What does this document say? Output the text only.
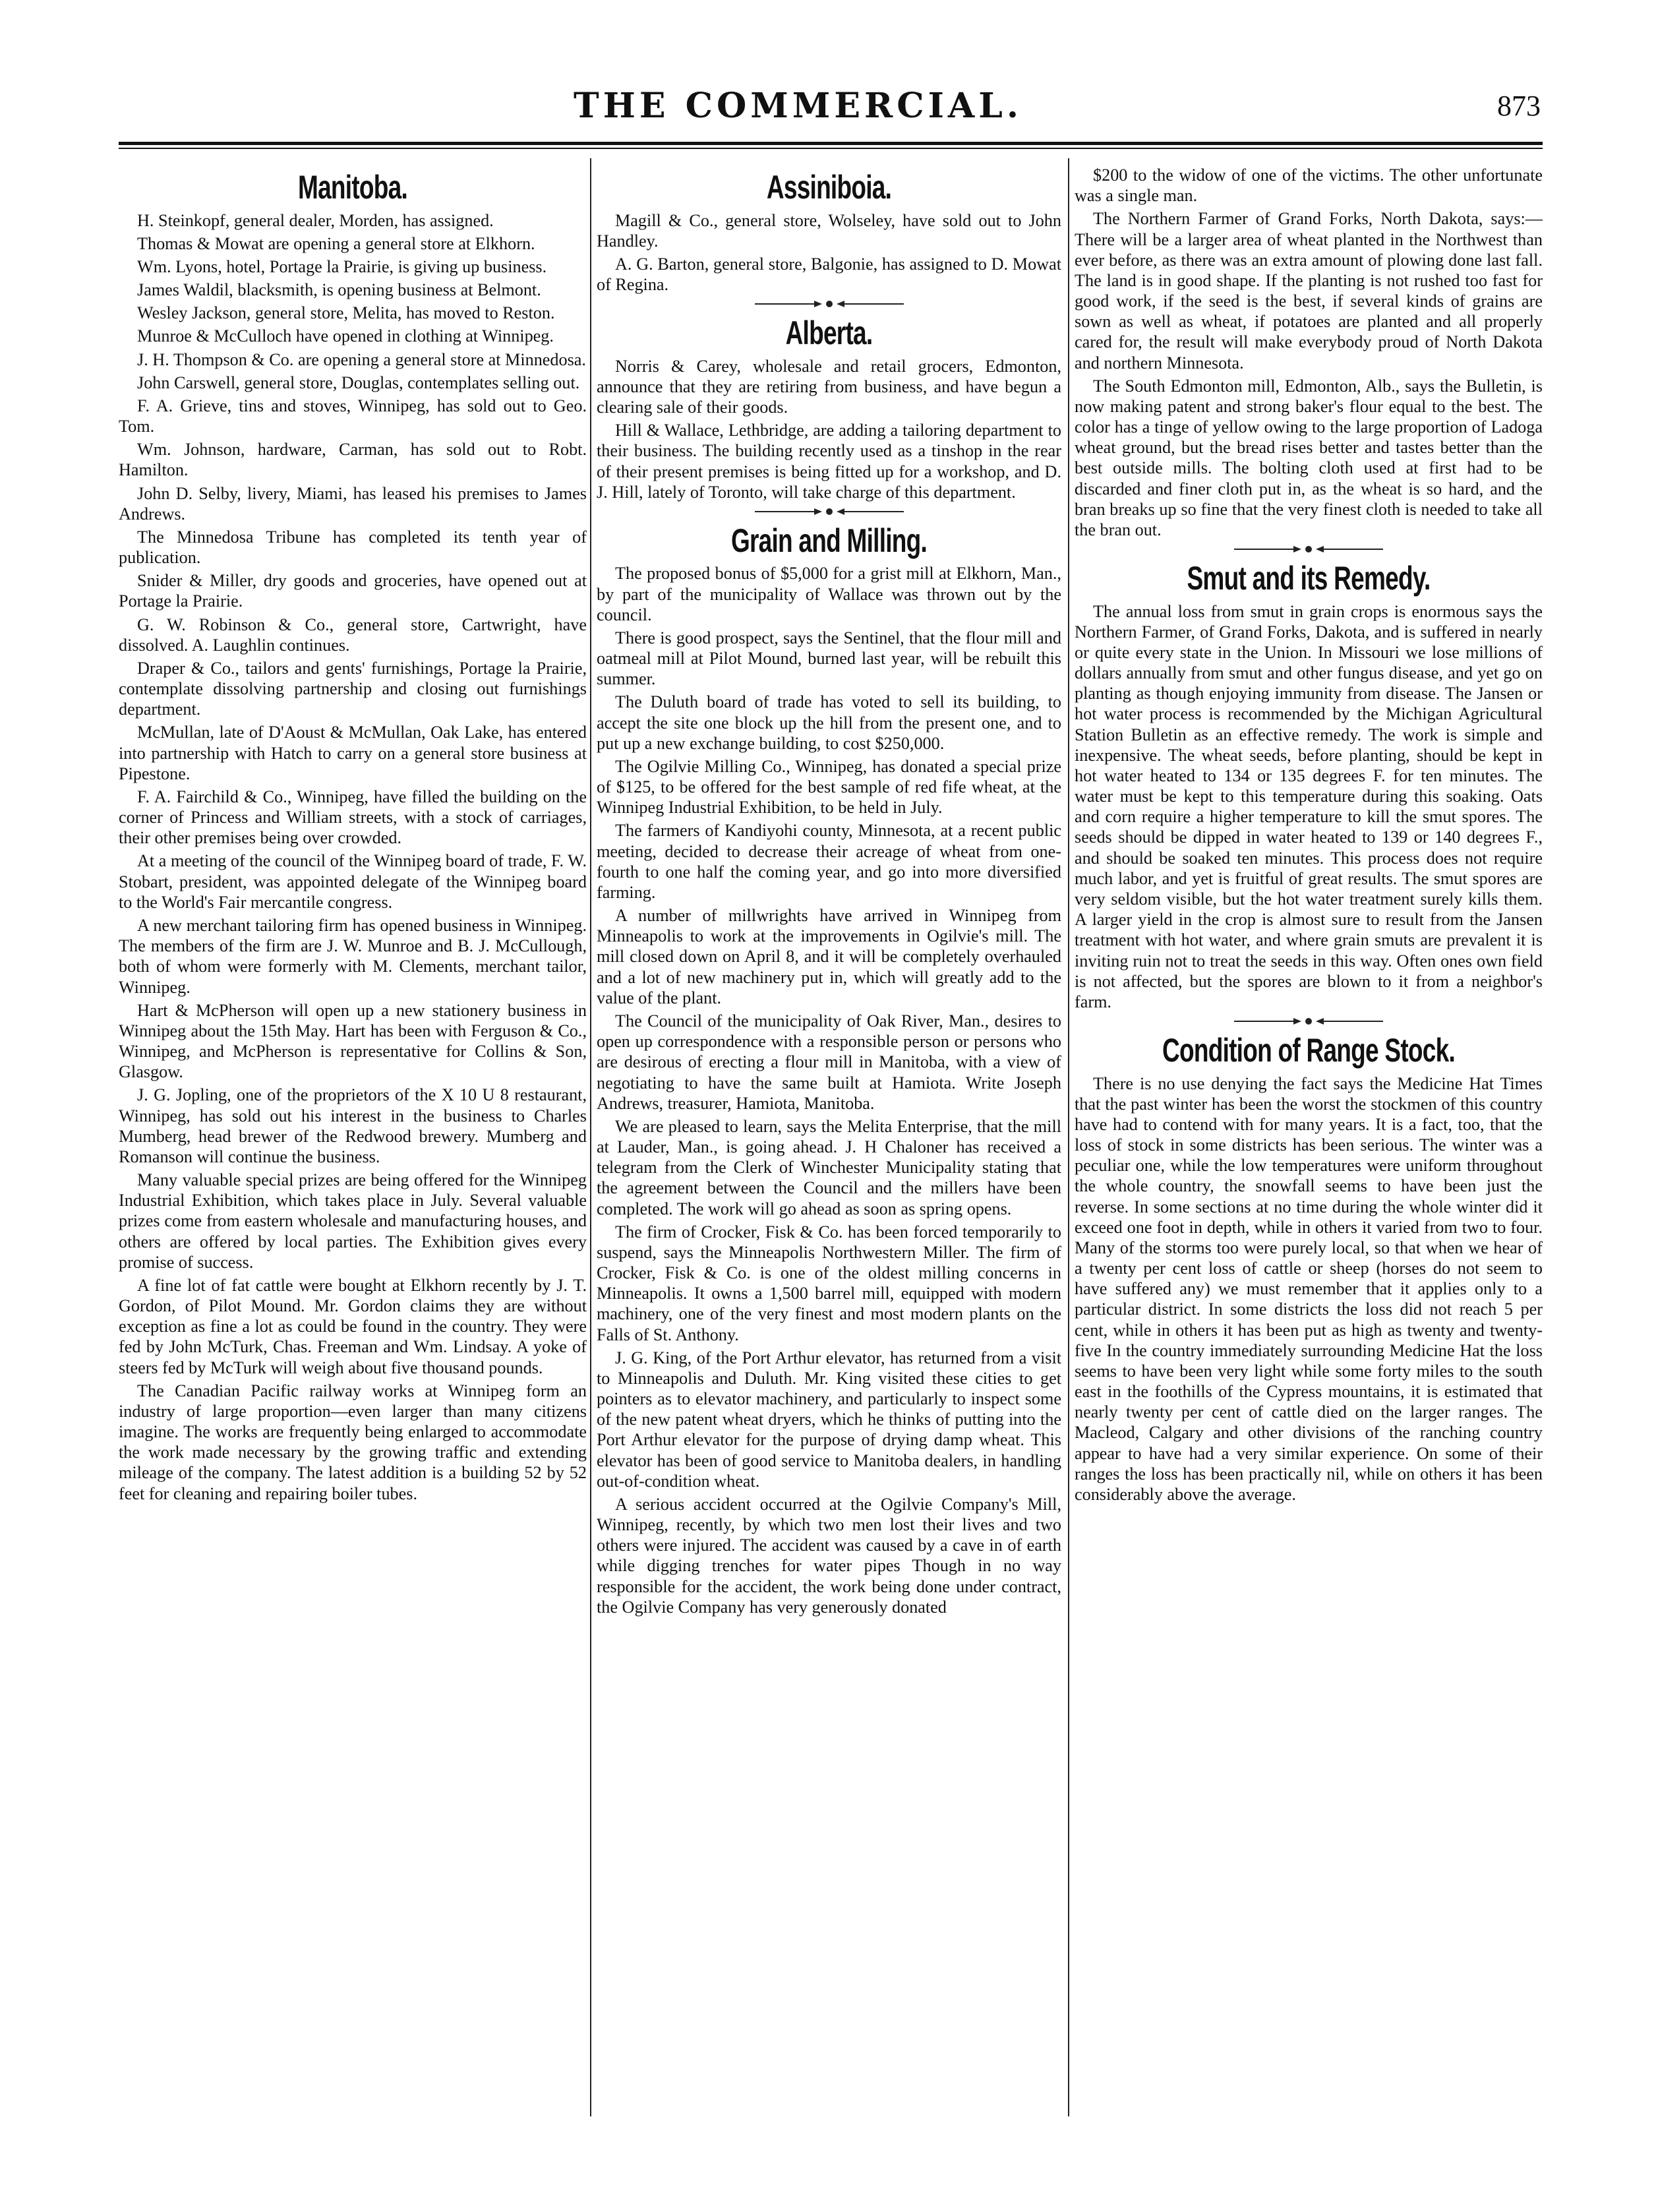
THE COMMERCIAL.	873
Manitoba.

H. Steinkopf, general dealer, Morden, has assigned.

Thomas & Mowat are opening a general store at Elkhorn.

Wm. Lyons, hotel, Portage la Prairie, is giving up business.

James Waldil, blacksmith, is opening business at Belmont.

Wesley Jackson, general store, Melita, has moved to Reston.

Munroe & McCulloch have opened in clothing at Winnipeg.

J. H. Thompson & Co. are opening a general store at Minnedosa.

John Carswell, general store, Douglas, contemplates selling out.

F. A. Grieve, tins and stoves, Winnipeg, has sold out to Geo. Tom.

Wm. Johnson, hardware, Carman, has sold out to Robt. Hamilton.

John D. Selby, livery, Miami, has leased his premises to James Andrews.

The Minnedosa Tribune has completed its tenth year of publication.

Snider & Miller, dry goods and groceries, have opened out at Portage la Prairie.

G. W. Robinson & Co., general store, Cartwright, have dissolved. A. Laughlin continues.

Draper & Co., tailors and gents' furnishings, Portage la Prairie, contemplate dissolving partnership and closing out furnishings department.

McMullan, late of D'Aoust & McMullan, Oak Lake, has entered into partnership with Hatch to carry on a general store business at Pipestone.

F. A. Fairchild & Co., Winnipeg, have filled the building on the corner of Princess and William streets, with a stock of carriages, their other premises being over crowded.

At a meeting of the council of the Winnipeg board of trade, F. W. Stobart, president, was appointed delegate of the Winnipeg board to the World's Fair mercantile congress.

A new merchant tailoring firm has opened business in Winnipeg. The members of the firm are J. W. Munroe and B. J. McCullough, both of whom were formerly with M. Clements, merchant tailor, Winnipeg.

Hart & McPherson will open up a new stationery business in Winnipeg about the 15th May. Hart has been with Ferguson & Co., Winnipeg, and McPherson is representative for Collins & Son, Glasgow.

J. G. Jopling, one of the proprietors of the X 10 U 8 restaurant, Winnipeg, has sold out his interest in the business to Charles Mumberg, head brewer of the Redwood brewery. Mumberg and Romanson will continue the business.

Many valuable special prizes are being offered for the Winnipeg Industrial Exhibition, which takes place in July. Several valuable prizes come from eastern wholesale and manufacturing houses, and others are offered by local parties. The Exhibition gives every promise of success.

A fine lot of fat cattle were bought at Elkhorn recently by J. T. Gordon, of Pilot Mound. Mr. Gordon claims they are without exception as fine a lot as could be found in the country. They were fed by John McTurk, Chas. Freeman and Wm. Lindsay. A yoke of steers fed by McTurk will weigh about five thousand pounds.

The Canadian Pacific railway works at Winnipeg form an industry of large proportion—even larger than many citizens imagine. The works are frequently being enlarged to accommodate the work made necessary by the growing traffic and extending mileage of the company. The latest addition is a building 52 by 52 feet for cleaning and repairing boiler tubes.

Assiniboia.

Magill & Co., general store, Wolseley, have sold out to John Handley.

A. G. Barton, general store, Balgonie, has assigned to D. Mowat of Regina.

Alberta.

Norris & Carey, wholesale and retail grocers, Edmonton, announce that they are retiring from business, and have begun a clearing sale of their goods.

Hill & Wallace, Lethbridge, are adding a tailoring department to their business. The building recently used as a tinshop in the rear of their present premises is being fitted up for a workshop, and D. J. Hill, lately of Toronto, will take charge of this department.

Grain and Milling.

The proposed bonus of $5,000 for a grist mill at Elkhorn, Man., by part of the municipality of Wallace was thrown out by the council.

There is good prospect, says the Sentinel, that the flour mill and oatmeal mill at Pilot Mound, burned last year, will be rebuilt this summer.

The Duluth board of trade has voted to sell its building, to accept the site one block up the hill from the present one, and to put up a new exchange building, to cost $250,000.

The Ogilvie Milling Co., Winnipeg, has donated a special prize of $125, to be offered for the best sample of red fife wheat, at the Winnipeg Industrial Exhibition, to be held in July.

The farmers of Kandiyohi county, Minnesota, at a recent public meeting, decided to decrease their acreage of wheat from one-fourth to one half the coming year, and go into more diversified farming.

A number of millwrights have arrived in Winnipeg from Minneapolis to work at the improvements in Ogilvie's mill. The mill closed down on April 8, and it will be completely overhauled and a lot of new machinery put in, which will greatly add to the value of the plant.

The Council of the municipality of Oak River, Man., desires to open up correspondence with a responsible person or persons who are desirous of erecting a flour mill in Manitoba, with a view of negotiating to have the same built at Hamiota. Write Joseph Andrews, treasurer, Hamiota, Manitoba.

We are pleased to learn, says the Melita Enterprise, that the mill at Lauder, Man., is going ahead. J. H Chaloner has received a telegram from the Clerk of Winchester Municipality stating that the agreement between the Council and the millers have been completed. The work will go ahead as soon as spring opens.

The firm of Crocker, Fisk & Co. has been forced temporarily to suspend, says the Minneapolis Northwestern Miller. The firm of Crocker, Fisk & Co. is one of the oldest milling concerns in Minneapolis. It owns a 1,500 barrel mill, equipped with modern machinery, one of the very finest and most modern plants on the Falls of St. Anthony.

J. G. King, of the Port Arthur elevator, has returned from a visit to Minneapolis and Duluth. Mr. King visited these cities to get pointers as to elevator machinery, and particularly to inspect some of the new patent wheat dryers, which he thinks of putting into the Port Arthur elevator for the purpose of drying damp wheat. This elevator has been of good service to Manitoba dealers, in handling out-of-condition wheat.

A serious accident occurred at the Ogilvie Company's Mill, Winnipeg, recently, by which two men lost their lives and two others were injured. The accident was caused by a cave in of earth while digging trenches for water pipes Though in no way responsible for the accident, the work being done under contract, the Ogilvie Company has very generously donated

$200 to the widow of one of the victims. The other unfortunate was a single man.

The Northern Farmer of Grand Forks, North Dakota, says:—There will be a larger area of wheat planted in the Northwest than ever before, as there was an extra amount of plowing done last fall. The land is in good shape. If the planting is not rushed too fast for good work, if the seed is the best, if several kinds of grains are sown as well as wheat, if potatoes are planted and all properly cared for, the result will make everybody proud of North Dakota and northern Minnesota.

The South Edmonton mill, Edmonton, Alb., says the Bulletin, is now making patent and strong baker's flour equal to the best. The color has a tinge of yellow owing to the large proportion of Ladoga wheat ground, but the bread rises better and tastes better than the best outside mills. The bolting cloth used at first had to be discarded and finer cloth put in, as the wheat is so hard, and the bran breaks up so fine that the very finest cloth is needed to take all the bran out.

Smut and its Remedy.

The annual loss from smut in grain crops is enormous says the Northern Farmer, of Grand Forks, Dakota, and is suffered in nearly or quite every state in the Union. In Missouri we lose millions of dollars annually from smut and other fungus disease, and yet go on planting as though enjoying immunity from disease. The Jansen or hot water process is recommended by the Michigan Agricultural Station Bulletin as an effective remedy. The work is simple and inexpensive. The wheat seeds, before planting, should be kept in hot water heated to 134 or 135 degrees F. for ten minutes. The water must be kept to this temperature during this soaking. Oats and corn require a higher temperature to kill the smut spores. The seeds should be dipped in water heated to 139 or 140 degrees F., and should be soaked ten minutes. This process does not require much labor, and yet is fruitful of great results. The smut spores are very seldom visible, but the hot water treatment surely kills them. A larger yield in the crop is almost sure to result from the Jansen treatment with hot water, and where grain smuts are prevalent it is inviting ruin not to treat the seeds in this way. Often ones own field is not affected, but the spores are blown to it from a neighbor's farm.

Condition of Range Stock.

There is no use denying the fact says the Medicine Hat Times that the past winter has been the worst the stockmen of this country have had to contend with for many years. It is a fact, too, that the loss of stock in some districts has been serious. The winter was a peculiar one, while the low temperatures were uniform throughout the whole country, the snowfall seems to have been just the reverse. In some sections at no time during the whole winter did it exceed one foot in depth, while in others it varied from two to four. Many of the storms too were purely local, so that when we hear of a twenty per cent loss of cattle or sheep (horses do not seem to have suffered any) we must remember that it applies only to a particular district. In some districts the loss did not reach 5 per cent, while in others it has been put as high as twenty and twenty-five In the country immediately surrounding Medicine Hat the loss seems to have been very light while some forty miles to the south east in the foothills of the Cypress mountains, it is estimated that nearly twenty per cent of cattle died on the larger ranges. The Macleod, Calgary and other divisions of the ranching country appear to have had a very similar experience. On some of their ranges the loss has been practically nil, while on others it has been considerably above the average.
